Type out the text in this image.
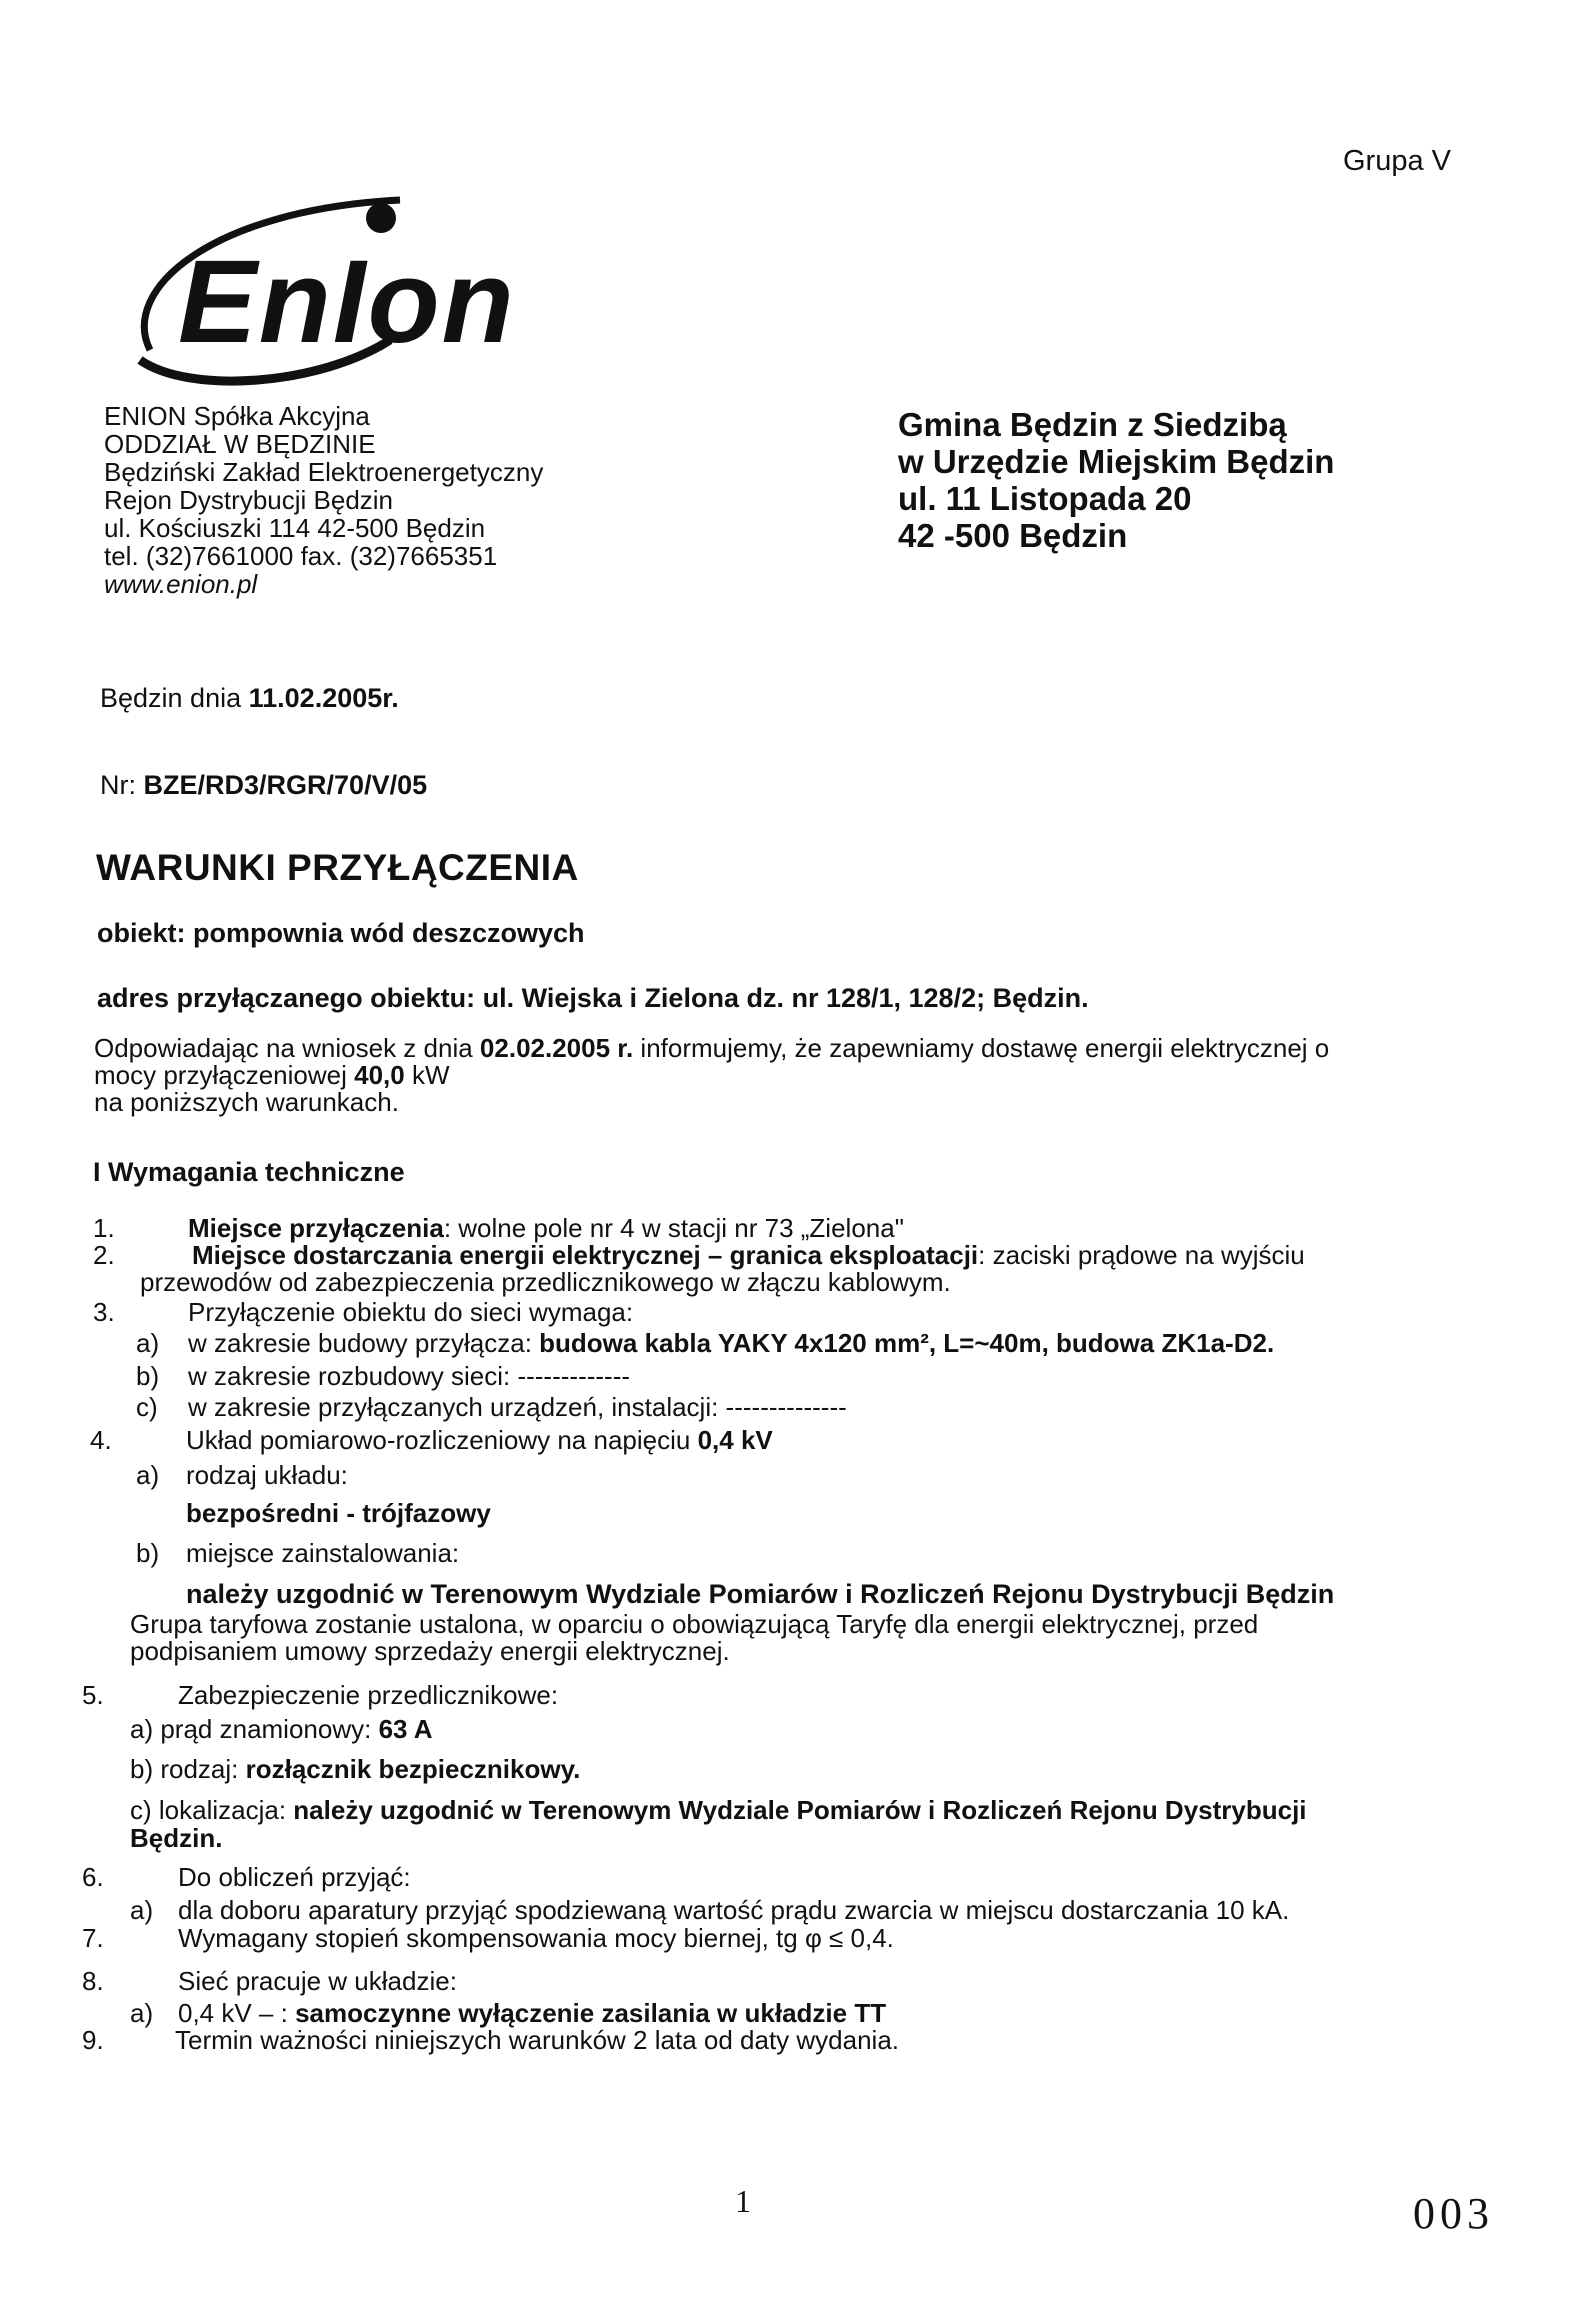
Grupa V
EnIon
ENION Spółka Akcyjna
ODDZIAŁ W BĘDZINIE
Będziński Zakład Elektroenergetyczny
Rejon Dystrybucji Będzin
ul. Kościuszki 114 42-500 Będzin
tel. (32)7661000 fax. (32)7665351
www.enion.pl
Gmina Będzin z Siedzibą
w Urzędzie Miejskim Będzin
ul. 11 Listopada 20
42 -500 Będzin
Będzin dnia 11.02.2005r.
Nr: BZE/RD3/RGR/70/V/05
WARUNKI PRZYŁĄCZENIA
obiekt: pompownia wód deszczowych
adres przyłączanego obiektu: ul. Wiejska i Zielona dz. nr 128/1, 128/2; Będzin.
Odpowiadając na wniosek z dnia 02.02.2005 r. informujemy, że zapewniamy dostawę energii elektrycznej o
mocy przyłączeniowej 40,0 kW
na poniższych warunkach.
I Wymagania techniczne
1.	Miejsce przyłączenia: wolne pole nr 4 w stacji nr 73 „Zielona"
2.	Miejsce dostarczania energii elektrycznej – granica eksploatacji: zaciski prądowe na wyjściu
przewodów od zabezpieczenia przedlicznikowego w złączu kablowym.
3.	Przyłączenie obiektu do sieci wymaga:
a) w zakresie budowy przyłącza: budowa kabla YAKY 4x120 mm², L=~40m, budowa ZK1a-D2.
b) w zakresie rozbudowy sieci: -------------
c) w zakresie przyłączanych urządzeń, instalacji: --------------
4.	Układ pomiarowo-rozliczeniowy na napięciu 0,4 kV
a) rodzaj układu:
bezpośredni - trójfazowy
b) miejsce zainstalowania:
należy uzgodnić w Terenowym Wydziale Pomiarów i Rozliczeń Rejonu Dystrybucji Będzin
Grupa taryfowa zostanie ustalona, w oparciu o obowiązującą Taryfę dla energii elektrycznej, przed
podpisaniem umowy sprzedaży energii elektrycznej.
5.	Zabezpieczenie przedlicznikowe:
a) prąd znamionowy: 63 A
b) rodzaj: rozłącznik bezpiecznikowy.
c) lokalizacja: należy uzgodnić w Terenowym Wydziale Pomiarów i Rozliczeń Rejonu Dystrybucji
Będzin.
6.	Do obliczeń przyjąć:
a) dla doboru aparatury przyjąć spodziewaną wartość prądu zwarcia w miejscu dostarczania 10 kA.
7.	Wymagany stopień skompensowania mocy biernej, tg φ ≤ 0,4.
8.	Sieć pracuje w układzie:
a) 0,4 kV – : samoczynne wyłączenie zasilania w układzie TT
9.	Termin ważności niniejszych warunków 2 lata od daty wydania.
1	003
